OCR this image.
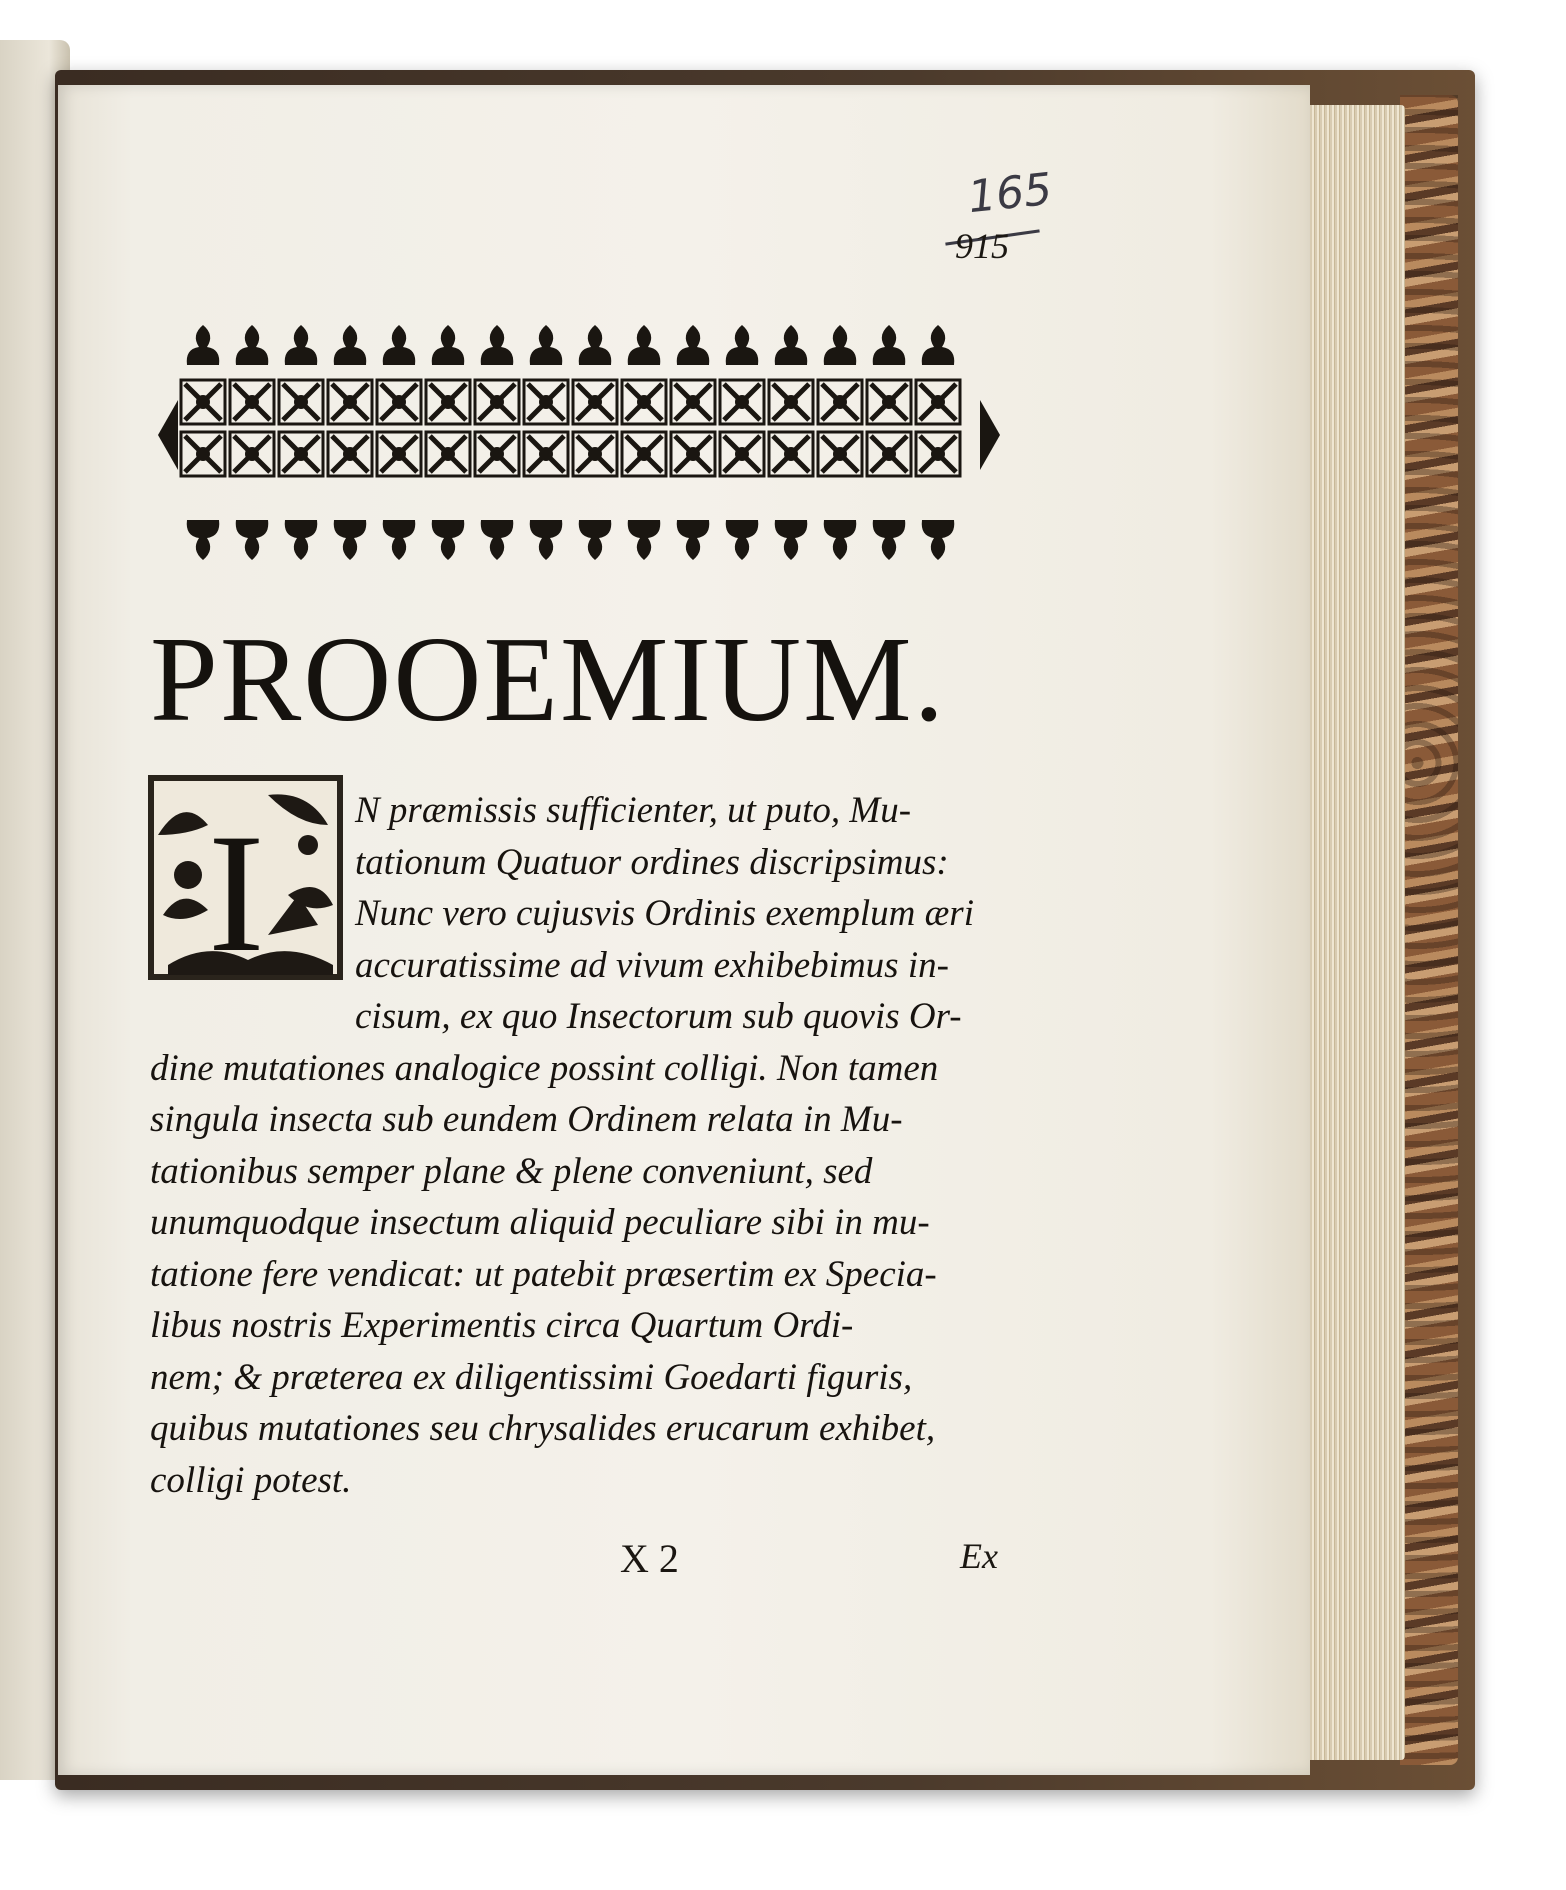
165
915
PROOEMIUM.
I	N præmissis sufficienter, ut puto, Mu-
tationum Quatuor ordines discripsimus:
Nunc vero cujusvis Ordinis exemplum æri
accuratissime ad vivum exhibebimus in-
cisum, ex quo Insectorum sub quovis Or-
dine mutationes analogice possint colligi. Non tamen
singula insecta sub eundem Ordinem relata in Mu-
tationibus semper plane & plene conveniunt, sed
unumquodque insectum aliquid peculiare sibi in mu-
tatione fere vendicat: ut patebit præsertim ex Specia-
libus nostris Experimentis circa Quartum Ordi-
nem; & præterea ex diligentissimi Goedarti figuris,
quibus mutationes seu chrysalides erucarum exhibet,
colligi potest.
X 2	Ex
